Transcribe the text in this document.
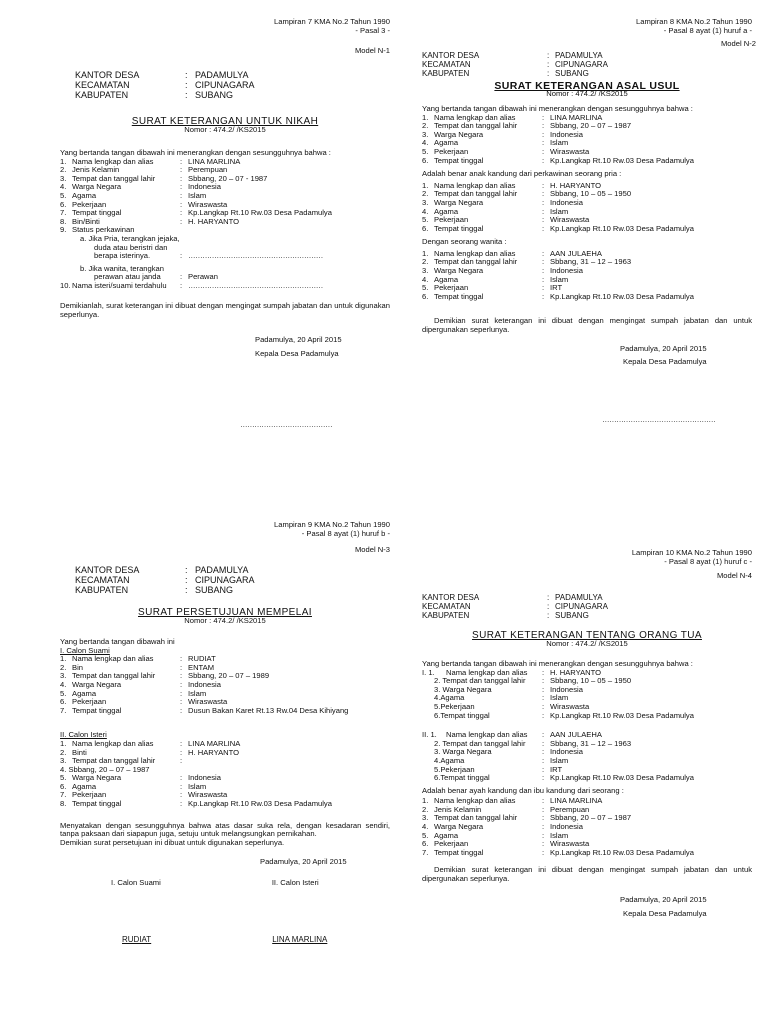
Lampiran 7 KMA No.2 Tahun 1990
- Pasal 3 -
Model N-1
KANTOR DESA	: PADAMULYA
KECAMATAN	: CIPUNAGARA
KABUPATEN	: SUBANG
SURAT KETERANGAN UNTUK NIKAH
Nomor : 474.2/ /KS2015
Yang bertanda tangan dibawah ini menerangkan dengan sesungguhnya bahwa :
1. Nama lengkap dan alias	: LINA MARLINA
2. Jenis Kelamin	: Perempuan
3. Tempat dan tanggal lahir	: Sbbang, 20 – 07 - 1987
4. Warga Negara	: Indonesia
5. Agama	: Islam
6. Pekerjaan	: Wiraswasta
7. Tempat tinggal	: Kp.Langkap Rt.10 Rw.03 Desa Padamulya
8. Bin/Binti	: H. HARYANTO
9. Status perkawinan
a. Jika Pria, terangkan jejaka,
duda atau beristri dan
berapa isterinya.	: …………………………………………………
b. Jika wanita, terangkan
perawan atau janda	: Perawan
10. Nama isteri/suami terdahulu	: …………………………………………………
Demikianlah, surat keterangan ini dibuat dengan mengingat sumpah jabatan dan untuk digunakan seperlunya.
Padamulya, 20 April 2015
Kepala Desa Padamulya
…………………………………
Lampiran 8 KMA No.2 Tahun 1990
- Pasal 8 ayat (1) huruf a -
Model N-2
KANTOR DESA	: PADAMULYA
KECAMATAN	: CIPUNAGARA
KABUPATEN	: SUBANG
SURAT KETERANGAN ASAL USUL
Nomor : 474.2/ /KS2015
Yang bertanda tangan dibawah ini menerangkan dengan sesungguhnya bahwa :
1. Nama lengkap dan alias	: LINA MARLINA
2. Tempat dan tanggal lahir	: Sbbang, 20 – 07 – 1987
3. Warga Negara	: Indonesia
4. Agama	: Islam
5. Pekerjaan	: Wiraswasta
6. Tempat tinggal	: Kp.Langkap Rt.10 Rw.03 Desa Padamulya
Adalah benar anak kandung dari perkawinan seorang pria :
1. Nama lengkap dan alias	: H. HARYANTO
2. Tempat dan tanggal lahir	: Sbbang, 10 – 05 – 1950
3. Warga Negara	: Indonesia
4. Agama	: Islam
5. Pekerjaan	: Wiraswasta
6. Tempat tinggal	: Kp.Langkap Rt.10 Rw.03 Desa Padamulya
Dengan seorang wanita :
1. Nama lengkap dan alias	: AAN JULAEHA
2. Tempat dan tanggal lahir	: Sbbang, 31 – 12 – 1963
3. Warga Negara	: Indonesia
4. Agama	: Islam
5. Pekerjaan	: IRT
6. Tempat tinggal	: Kp.Langkap Rt.10 Rw.03 Desa Padamulya
Demikian surat keterangan ini dibuat dengan mengingat sumpah jabatan dan untuk dipergunakan seperlunya.
Padamulya, 20 April 2015
Kepala Desa Padamulya
…………………………………………
Lampiran 9 KMA No.2 Tahun 1990
- Pasal 8 ayat (1) huruf b -
Model N-3
KANTOR DESA	: PADAMULYA
KECAMATAN	: CIPUNAGARA
KABUPATEN	: SUBANG
SURAT PERSETUJUAN MEMPELAI
Nomor : 474.2/ /KS2015
Yang bertanda tangan dibawah ini
I. Calon Suami
1. Nama lengkap dan alias	: RUDIAT
2. Bin	: ENTAM
3. Tempat dan tanggal lahir	: Sbbang, 20 – 07 – 1989
4. Warga Negara	: Indonesia
5. Agama	: Islam
6. Pekerjaan	: Wiraswasta
7. Tempat tinggal	: Dusun Bakan Karet Rt.13 Rw.04 Desa Kihiyang
II. Calon Isteri
1. Nama lengkap dan alias	: LINA MARLINA
2. Binti	: H. HARYANTO
3. Tempat dan tanggal lahir	:
4. Sbbang, 20 – 07 – 1987
5. Warga Negara	: Indonesia
6. Agama	: Islam
7. Pekerjaan	: Wiraswasta
8. Tempat tinggal	: Kp.Langkap Rt.10 Rw.03 Desa Padamulya
Menyatakan dengan sesungguhnya bahwa atas dasar suka rela, dengan kesadaran sendiri, tanpa paksaan dari siapapun juga, setuju untuk melangsungkan pernikahan.
Demikian surat persetujuan ini dibuat untuk digunakan seperlunya.
Padamulya, 20 April 2015
I. Calon Suami	II. Calon Isteri
RUDIAT	LINA MARLINA
Lampiran 10 KMA No.2 Tahun 1990
- Pasal 8 ayat (1) huruf c -
Model N-4
KANTOR DESA	: PADAMULYA
KECAMATAN	: CIPUNAGARA
KABUPATEN	: SUBANG
SURAT KETERANGAN TENTANG ORANG TUA
Nomor : 474.2/ /KS2015
Yang bertanda tangan dibawah ini menerangkan dengan sesungguhnya bahwa :
I. 1.	Nama lengkap dan alias	: H. HARYANTO
2. Tempat dan tanggal lahir	: Sbbang, 10 – 05 – 1950
3. Warga Negara	: Indonesia
4.Agama	: Islam
5.Pekerjaan	: Wiraswasta
6.Tempat tinggal	: Kp.Langkap Rt.10 Rw.03 Desa Padamulya
II. 1.	Nama lengkap dan alias	: AAN JULAEHA
2. Tempat dan tanggal lahir	: Sbbang, 31 – 12 – 1963
3. Warga Negara	: Indonesia
4.Agama	: Islam
5.Pekerjaan	: IRT
6.Tempat tinggal	: Kp.Langkap Rt.10 Rw.03 Desa Padamulya
Adalah benar ayah kandung dan ibu kandung dari seorang :
1. Nama lengkap dan alias	: LINA MARLINA
2. Jenis Kelamin	: Perempuan
3. Tempat dan tanggal lahir	: Sbbang, 20 – 07 – 1987
4. Warga Negara	: Indonesia
5. Agama	: Islam
6. Pekerjaan	: Wiraswasta
7. Tempat tinggal	: Kp.Langkap Rt.10 Rw.03 Desa Padamulya
Demikian surat keterangan ini dibuat dengan mengingat sumpah jabatan dan untuk dipergunakan seperlunya.
Padamulya, 20 April 2015
Kepala Desa Padamulya
